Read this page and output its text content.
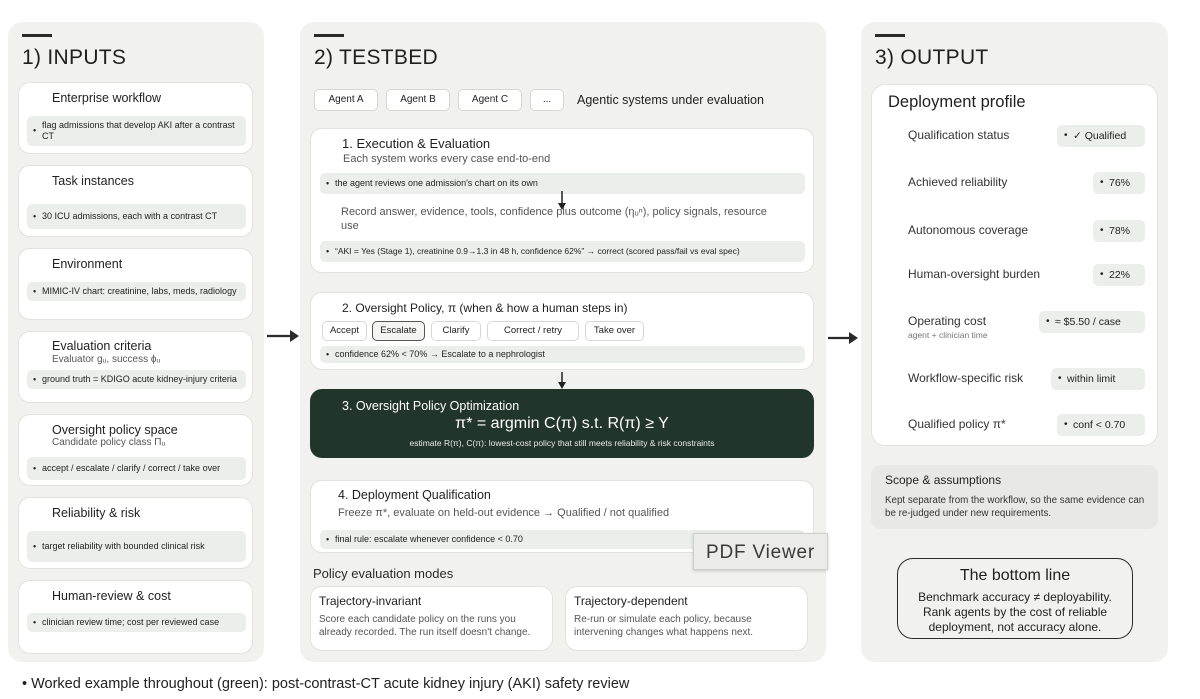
1) INPUTS
Enterprise workflow
• flag admissions that develop AKI after a contrast CT
Task instances
• 30 ICU admissions, each with a contrast CT
Environment
• MIMIC-IV chart: creatinine, labs, meds, radiology
Evaluation criteria
Evaluator gᵤ, success ϕᵤ
• ground truth = KDIGO acute kidney-injury criteria
Oversight policy space
Candidate policy class Πᵤ
• accept / escalate / clarify / correct / take over
Reliability & risk
• target reliability with bounded clinical risk
Human-review & cost
• clinician review time; cost per reviewed case
2) TESTBED
Agent A	Agent B	Agent C	...	Agentic systems under evaluation
1. Execution & Evaluation
Each system works every case end-to-end
• the agent reviews one admission's chart on its own
Record answer, evidence, tools, confidence plus outcome (ηᵤⁿ), policy signals, resource use
• “AKI = Yes (Stage 1), creatinine 0.9→1.3 in 48 h, confidence 62%” → correct (scored pass/fail vs eval spec)
2. Oversight Policy, π (when & how a human steps in)
Accept	Escalate	Clarify	Correct / retry	Take over
• confidence 62% < 70% → Escalate to a nephrologist
3. Oversight Policy Optimization
π* = argmin C(π) s.t. R(π) ≥ Y
estimate R(π), C(π): lowest-cost policy that still meets reliability & risk constraints
4. Deployment Qualification
Freeze π*, evaluate on held-out evidence → Qualified / not qualified
• final rule: escalate whenever confidence < 0.70
PDF Viewer
Policy evaluation modes
Trajectory-invariant
Score each candidate policy on the runs you already recorded. The run itself doesn't change.
Trajectory-dependent
Re-run or simulate each policy, because intervening changes what happens next.
3) OUTPUT
Deployment profile
Qualification status	• ✓ Qualified
Achieved reliability	• 76%
Autonomous coverage	• 78%
Human-oversight burden	• 22%
Operating cost
agent + clinician time
• ≈ $5.50 / case
Workflow-specific risk	• within limit
Qualified policy π*	• conf < 0.70
Scope & assumptions
Kept separate from the workflow, so the same evidence can be re-judged under new requirements.
The bottom line
Benchmark accuracy ≠ deployability. Rank agents by the cost of reliable deployment, not accuracy alone.
• Worked example throughout (green): post-contrast-CT acute kidney injury (AKI) safety review
